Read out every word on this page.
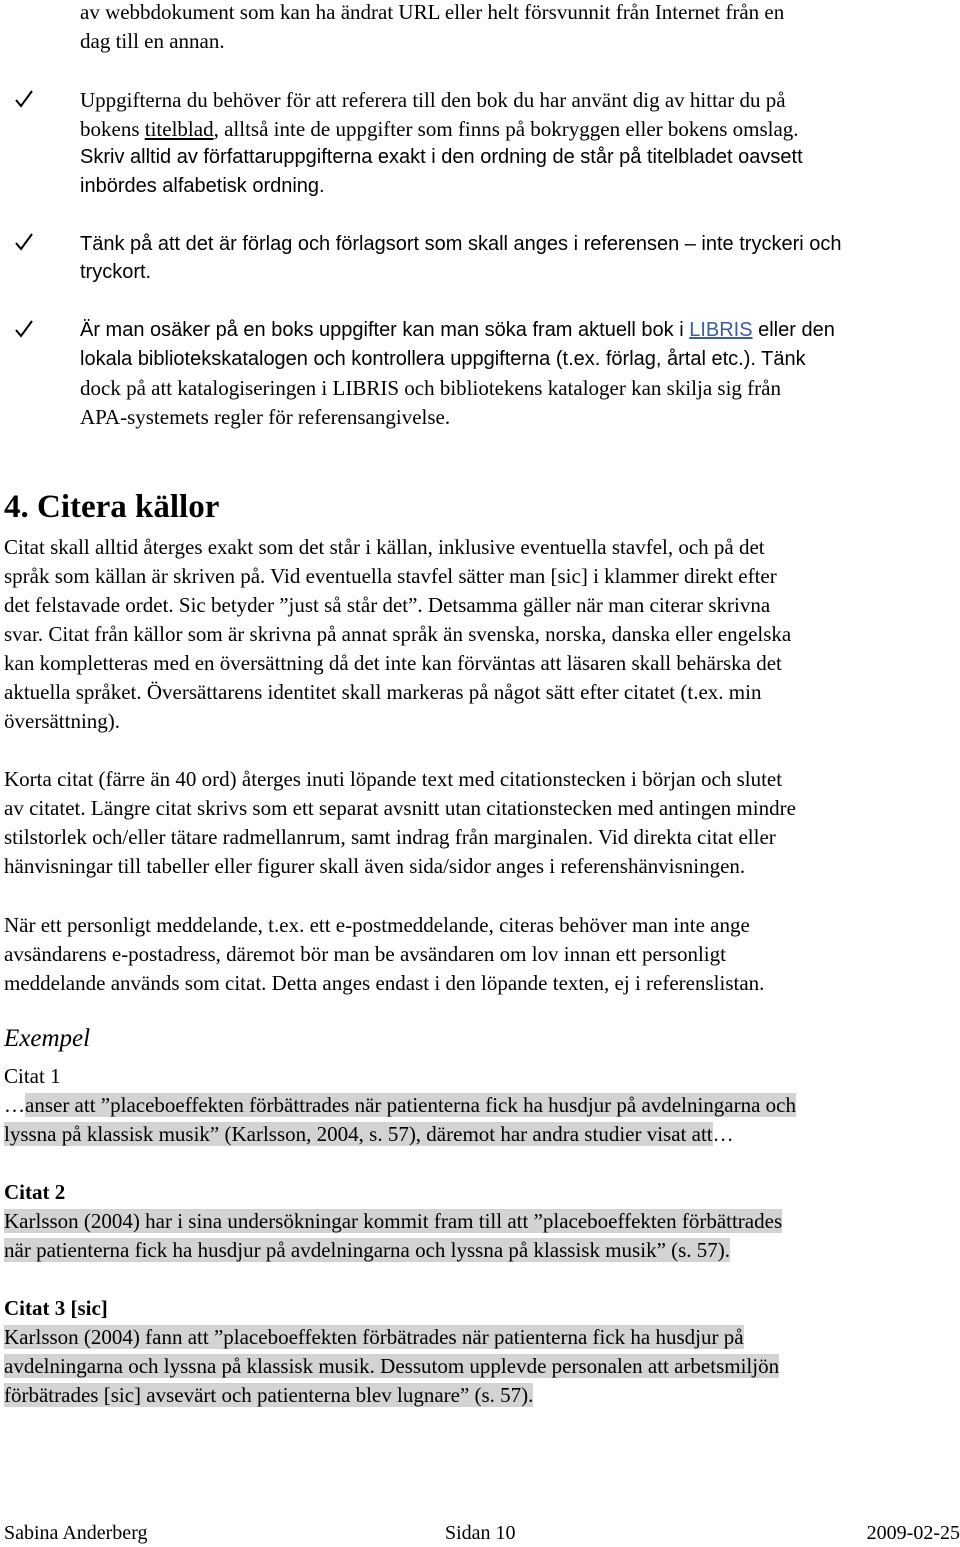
av webbdokument som kan ha ändrat URL eller helt försvunnit från Internet från en
dag till en annan.
Uppgifterna du behöver för att referera till den bok du har använt dig av hittar du på
bokens titelblad, alltså inte de uppgifter som finns på bokryggen eller bokens omslag.
Skriv alltid av författaruppgifterna exakt i den ordning de står på titelbladet oavsett
inbördes alfabetisk ordning.
Tänk på att det är förlag och förlagsort som skall anges i referensen – inte tryckeri och
tryckort.
Är man osäker på en boks uppgifter kan man söka fram aktuell bok i LIBRIS eller den
lokala bibliotekskatalogen och kontrollera uppgifterna (t.ex. förlag, årtal etc.). Tänk
dock på att katalogiseringen i LIBRIS och bibliotekens kataloger kan skilja sig från
APA-systemets regler för referensangivelse.
4. Citera källor
Citat skall alltid återges exakt som det står i källan, inklusive eventuella stavfel, och på det
språk som källan är skriven på. Vid eventuella stavfel sätter man [sic] i klammer direkt efter
det felstavade ordet. Sic betyder ”just så står det”. Detsamma gäller när man citerar skrivna
svar. Citat från källor som är skrivna på annat språk än svenska, norska, danska eller engelska
kan kompletteras med en översättning då det inte kan förväntas att läsaren skall behärska det
aktuella språket. Översättarens identitet skall markeras på något sätt efter citatet (t.ex. min
översättning).
Korta citat (färre än 40 ord) återges inuti löpande text med citationstecken i början och slutet
av citatet. Längre citat skrivs som ett separat avsnitt utan citationstecken med antingen mindre
stilstorlek och/eller tätare radmellanrum, samt indrag från marginalen. Vid direkta citat eller
hänvisningar till tabeller eller figurer skall även sida/sidor anges i referenshänvisningen.
När ett personligt meddelande, t.ex. ett e-postmeddelande, citeras behöver man inte ange
avsändarens e-postadress, däremot bör man be avsändaren om lov innan ett personligt
meddelande används som citat. Detta anges endast i den löpande texten, ej i referenslistan.
Exempel
Citat 1
…anser att ”placeboeffekten förbättrades när patienterna fick ha husdjur på avdelningarna och
lyssna på klassisk musik” (Karlsson, 2004, s. 57), däremot har andra studier visat att…
Citat 2
Karlsson (2004) har i sina undersökningar kommit fram till att ”placeboeffekten förbättrades
när patienterna fick ha husdjur på avdelningarna och lyssna på klassisk musik” (s. 57).
Citat 3 [sic]
Karlsson (2004) fann att ”placeboeffekten förbätrades när patienterna fick ha husdjur på
avdelningarna och lyssna på klassisk musik. Dessutom upplevde personalen att arbetsmiljön
förbätrades [sic] avsevärt och patienterna blev lugnare” (s. 57).
Sabina Anderberg	Sidan 10	2009-02-25
